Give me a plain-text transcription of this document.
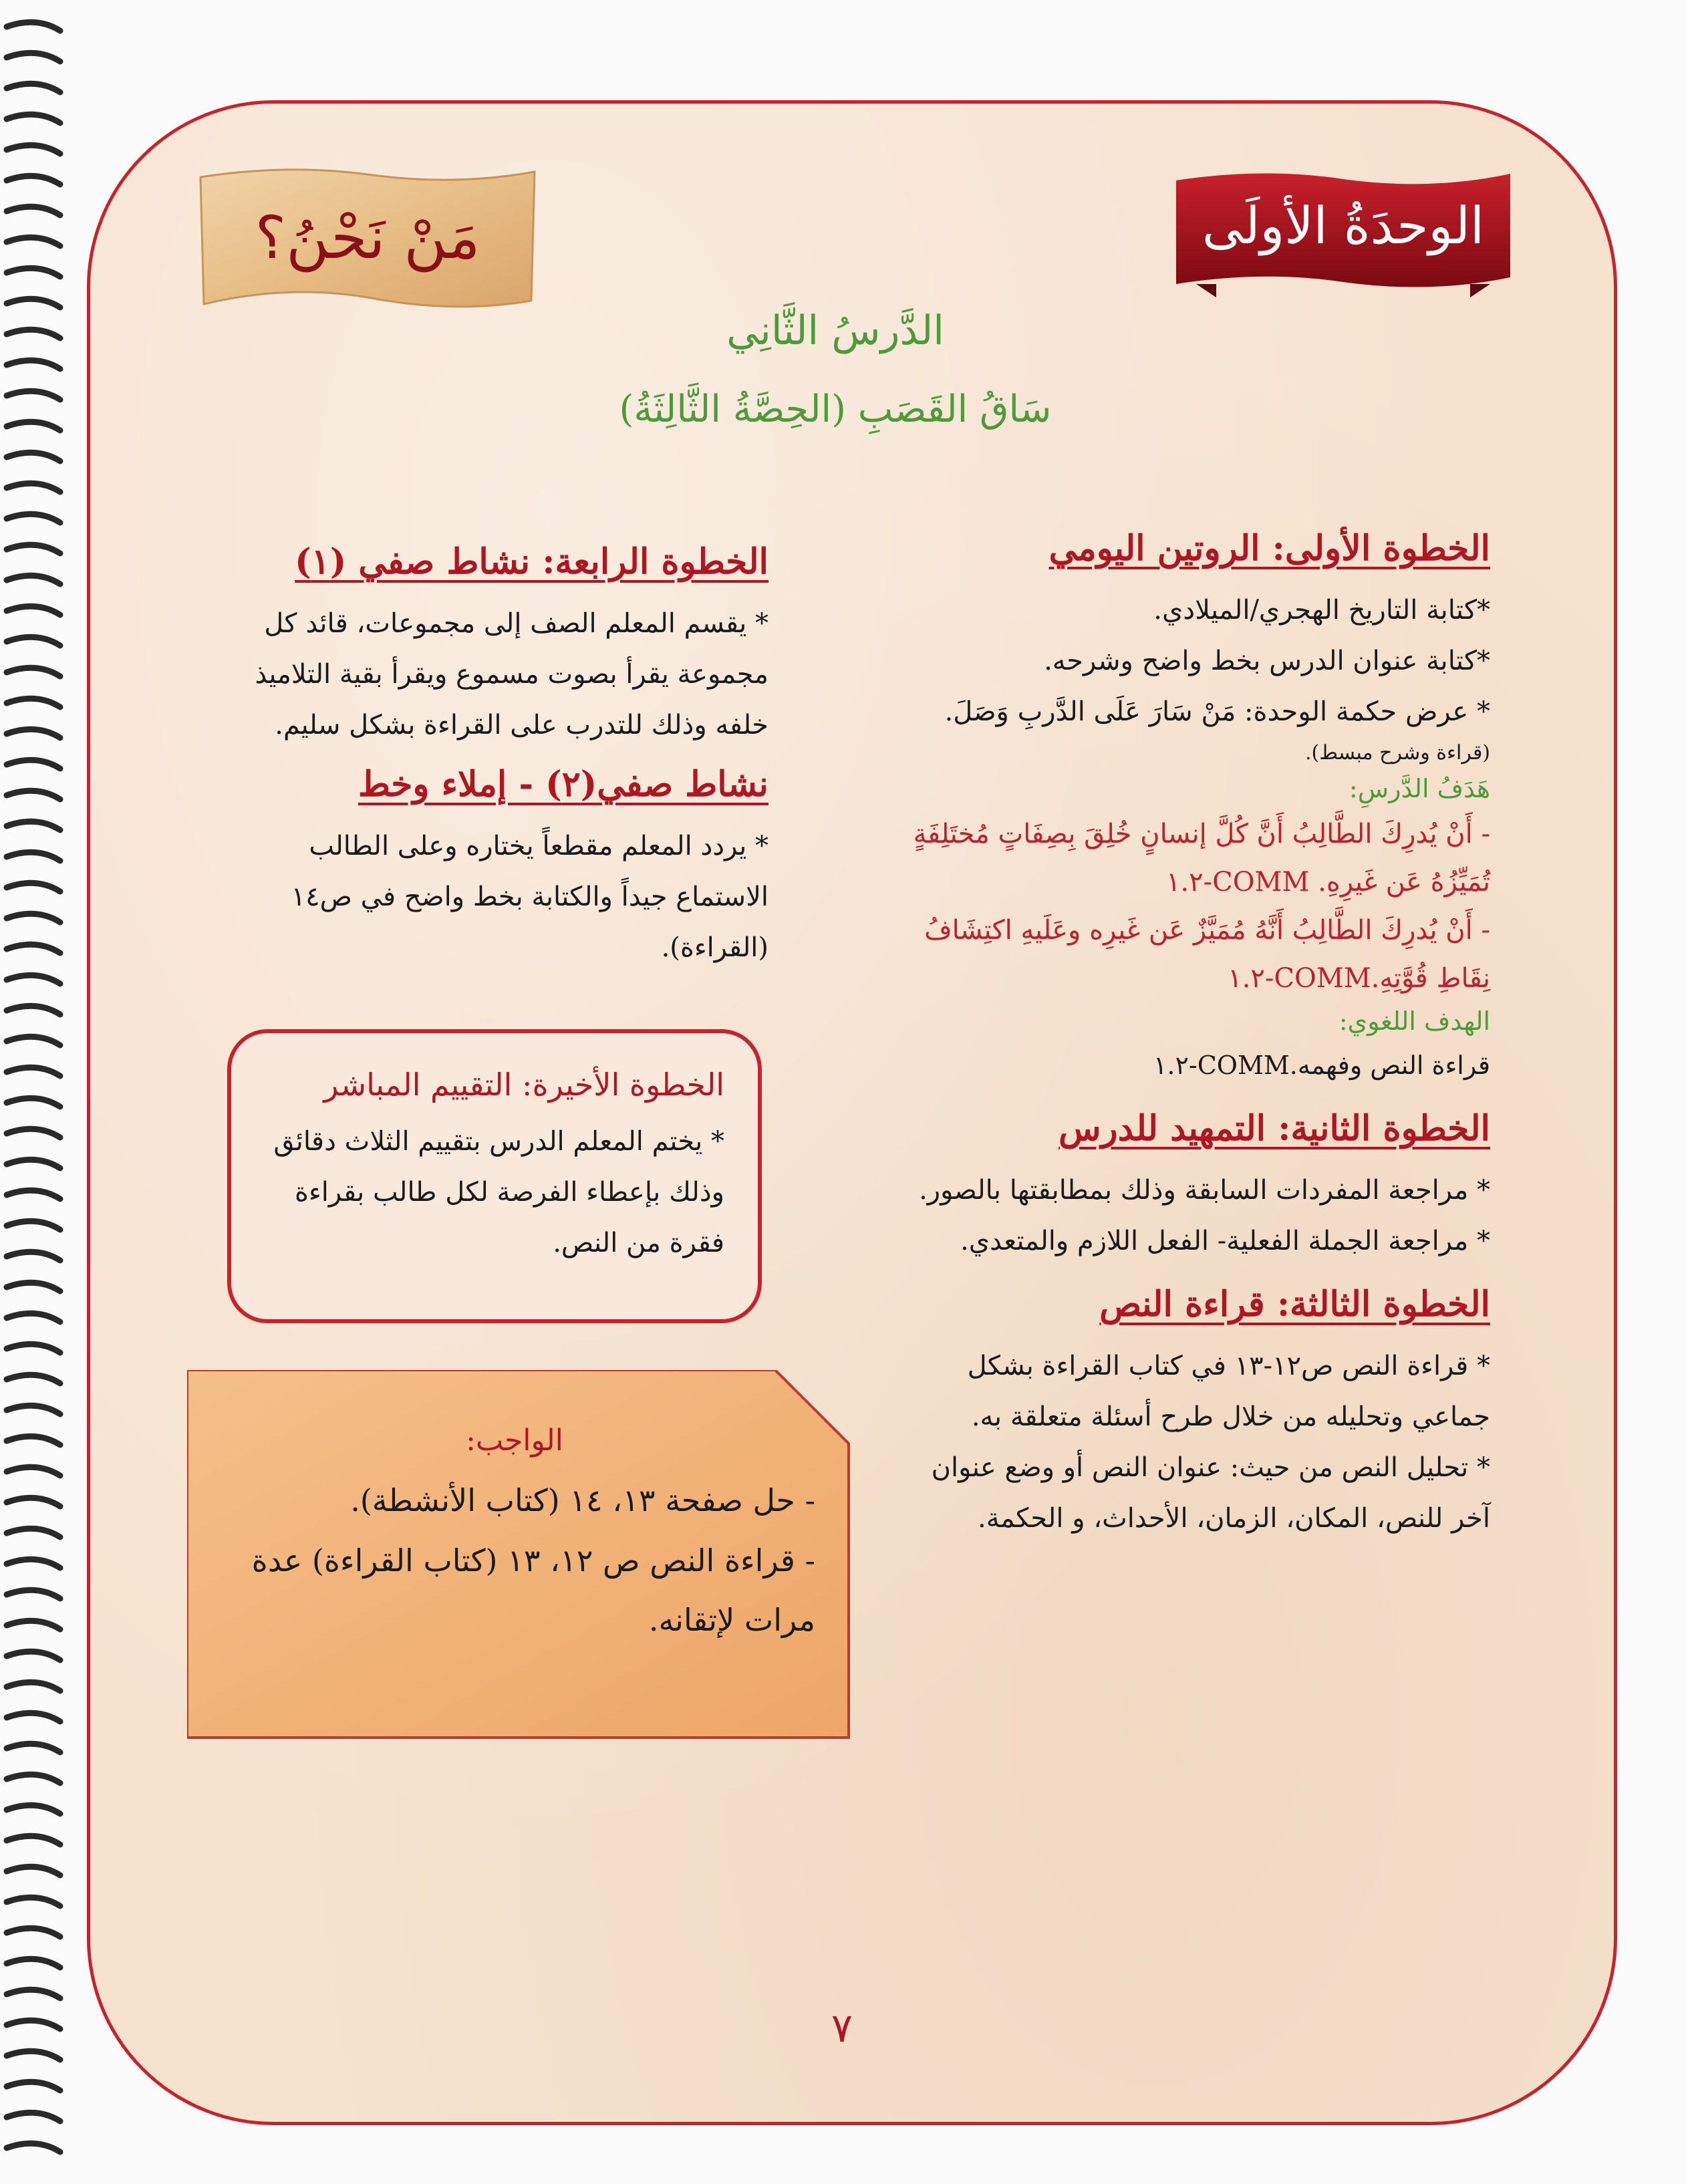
الوحدَةُ الأولَى
مَنْ نَحْنُ؟
الدَّرسُ الثَّانِي
سَاقُ القَصَبِ (الحِصَّةُ الثَّالِثَةُ)

الخطوة الأولى: الروتين اليومي

*كتابة التاريخ الهجري/الميلادي.

*كتابة عنوان الدرس بخط واضح وشرحه.

* عرض حكمة الوحدة: مَنْ سَارَ عَلَى الدَّربِ وَصَلَ.

(قراءة وشرح مبسط).

هَدَفُ الدَّرسِ:

- أَنْ يُدرِكَ الطَّالِبُ أَنَّ كُلَّ إنسانٍ خُلِقَ بِصِفَاتٍ مُختَلِفَةٍ تُمَيِّزُهُ عَن غَيرِهِ. COMM-١.٢

- أَنْ يُدرِكَ الطَّالِبُ أَنَّهُ مُمَيَّزٌ عَن غَيرِه وعَلَيهِ اكتِشَافُ نِقَاطِ قُوَّتِهِ.COMM-١.٢

الهدف اللغوي:

قراءة النص وفهمه.COMM-١.٢

الخطوة الثانية: التمهيد للدرس

* مراجعة المفردات السابقة وذلك بمطابقتها بالصور.

* مراجعة الجملة الفعلية- الفعل اللازم والمتعدي.

الخطوة الثالثة: قراءة النص

* قراءة النص ص١٢-١٣ في كتاب القراءة بشكل جماعي وتحليله من خلال طرح أسئلة متعلقة به.

* تحليل النص من حيث: عنوان النص أو وضع عنوان آخر للنص، المكان، الزمان، الأحداث، و الحكمة.

الخطوة الرابعة: نشاط صفي (١)

* يقسم المعلم الصف إلى مجموعات، قائد كل مجموعة يقرأ بصوت مسموع ويقرأ بقية التلاميذ خلفه وذلك للتدرب على القراءة بشكل سليم.

نشاط صفي(٢) - إملاء وخط

* يردد المعلم مقطعاً يختاره وعلى الطالب الاستماع جيداً والكتابة بخط واضح في ص١٤ (القراءة).

الخطوة الأخيرة: التقييم المباشر

* يختم المعلم الدرس بتقييم الثلاث دقائق وذلك بإعطاء الفرصة لكل طالب بقراءة فقرة من النص.

الواجب:

- حل صفحة ١٣، ١٤ (كتاب الأنشطة).

- قراءة النص ص ١٢، ١٣ (كتاب القراءة) عدة مرات لإتقانه.

٧
